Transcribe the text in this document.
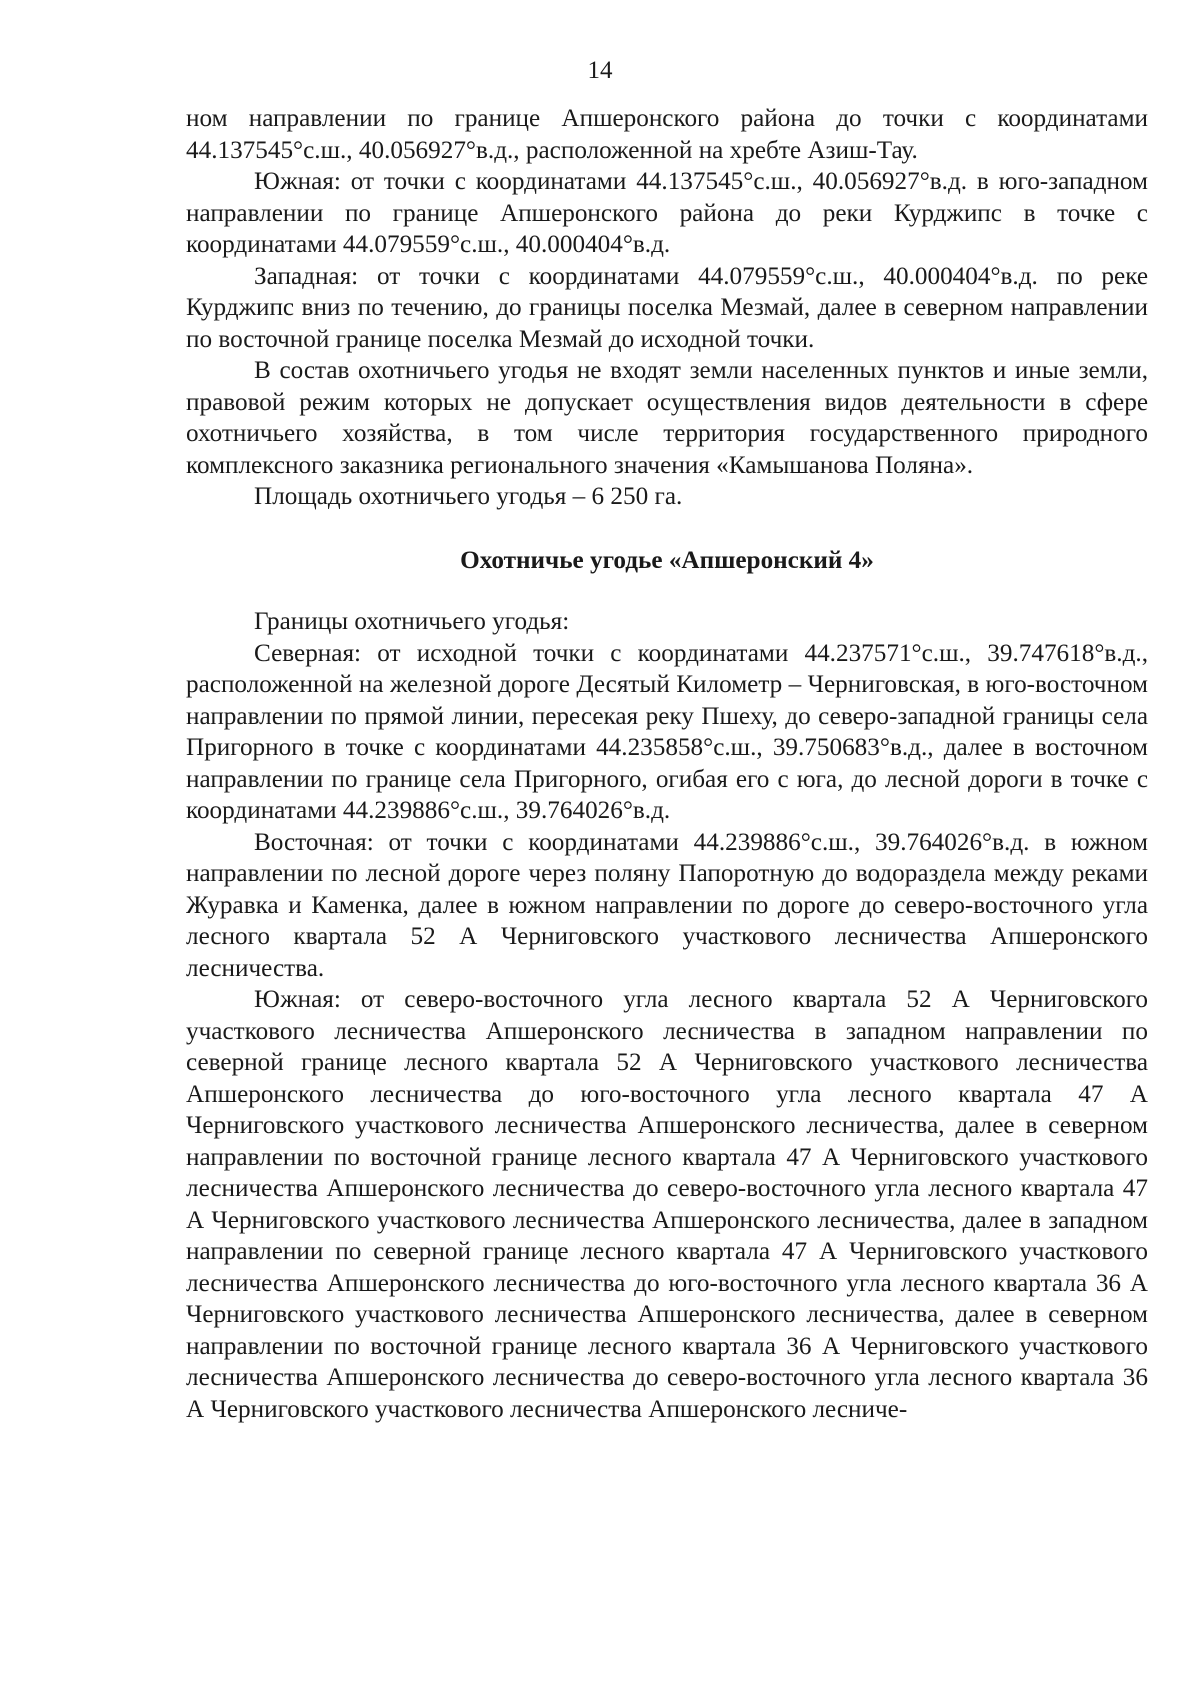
14

ном направлении по границе Апшеронского района до точки с координатами 44.137545°с.ш., 40.056927°в.д., расположенной на хребте Азиш-Тау.

Южная: от точки с координатами 44.137545°с.ш., 40.056927°в.д. в юго-западном направлении по границе Апшеронского района до реки Курджипс в точке с координатами 44.079559°с.ш., 40.000404°в.д.

Западная: от точки с координатами 44.079559°с.ш., 40.000404°в.д. по реке Курджипс вниз по течению, до границы поселка Мезмай, далее в северном направлении по восточной границе поселка Мезмай до исходной точки.

В состав охотничьего угодья не входят земли населенных пунктов и иные земли, правовой режим которых не допускает осуществления видов деятельности в сфере охотничьего хозяйства, в том числе территория государственного природного комплексного заказника регионального значения «Камышанова Поляна».

Площадь охотничьего угодья – 6 250 га.

Охотничье угодье «Апшеронский 4»

Границы охотничьего угодья:

Северная: от исходной точки с координатами 44.237571°с.ш., 39.747618°в.д., расположенной на железной дороге Десятый Километр – Черниговская, в юго-восточном направлении по прямой линии, пересекая реку Пшеху, до северо-западной границы села Пригорного в точке с координатами 44.235858°с.ш., 39.750683°в.д., далее в восточном направлении по границе села Пригорного, огибая его с юга, до лесной дороги в точке с координатами 44.239886°с.ш., 39.764026°в.д.

Восточная: от точки с координатами 44.239886°с.ш., 39.764026°в.д. в южном направлении по лесной дороге через поляну Папоротную до водораздела между реками Журавка и Каменка, далее в южном направлении по дороге до северо-восточного угла лесного квартала 52 А Черниговского участкового лесничества Апшеронского лесничества.

Южная: от северо-восточного угла лесного квартала 52 А Черниговского участкового лесничества Апшеронского лесничества в западном направлении по северной границе лесного квартала 52 А Черниговского участкового лесничества Апшеронского лесничества до юго-восточного угла лесного квартала 47 А Черниговского участкового лесничества Апшеронского лесничества, далее в северном направлении по восточной границе лесного квартала 47 А Черниговского участкового лесничества Апшеронского лесничества до северо-восточного угла лесного квартала 47 А Черниговского участкового лесничества Апшеронского лесничества, далее в западном направлении по северной границе лесного квартала 47 А Черниговского участкового лесничества Апшеронского лесничества до юго-восточного угла лесного квартала 36 А Черниговского участкового лесничества Апшеронского лесничества, далее в северном направлении по восточной границе лесного квартала 36 А Черниговского участкового лесничества Апшеронского лесничества до северо-восточного угла лесного квартала 36 А Черниговского участкового лесничества Апшеронского лесниче-
